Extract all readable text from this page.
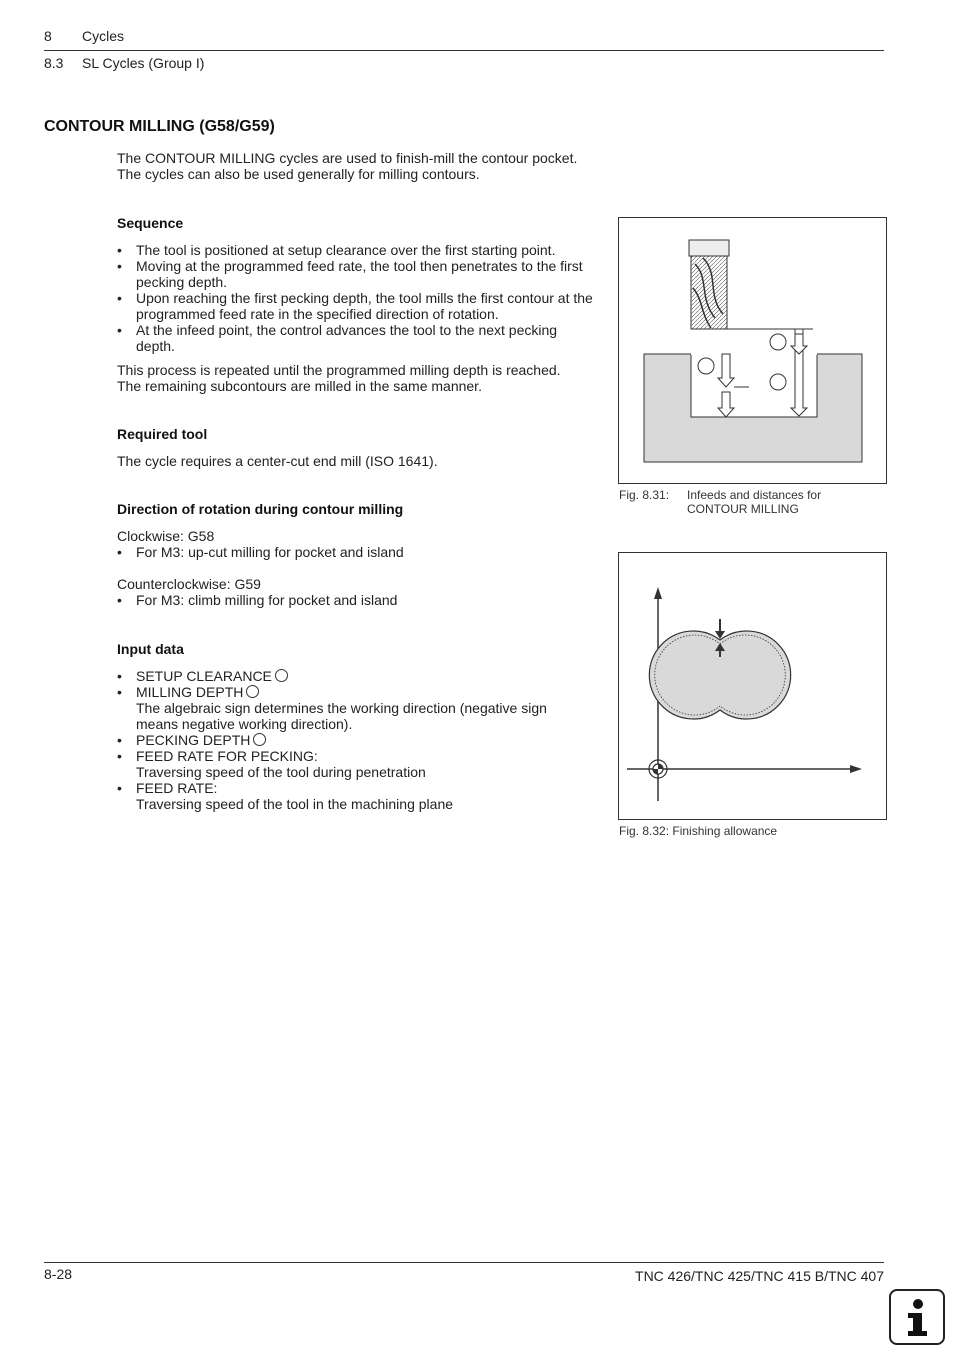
8 Cycles
8.3 SL Cycles (Group I)
CONTOUR MILLING (G58/G59)
The CONTOUR MILLING cycles are used to finish-mill the contour pocket.
The cycles can also be used generally for milling contours.
Sequence
• The tool is positioned at setup clearance over the first starting point.
• Moving at the programmed feed rate, the tool then penetrates to the first pecking depth.
• Upon reaching the first pecking depth, the tool mills the first contour at the programmed feed rate in the specified direction of rotation.
• At the infeed point, the control advances the tool to the next pecking depth.
This process is repeated until the programmed milling depth is reached.
The remaining subcontours are milled in the same manner.
Required tool
The cycle requires a center-cut end mill (ISO 1641).
Direction of rotation during contour milling
Clockwise: G58
• For M3: up-cut milling for pocket and island
Counterclockwise: G59
• For M3: climb milling for pocket and island
Input data
• SETUP CLEARANCE
• MILLING DEPTH
The algebraic sign determines the working direction (negative sign means negative working direction).
• PECKING DEPTH
• FEED RATE FOR PECKING:
Traversing speed of the tool during penetration
• FEED RATE:
Traversing speed of the tool in the machining plane
Fig. 8.31: Infeeds and distances for
CONTOUR MILLING
Fig. 8.32: Finishing allowance
8-28	TNC 426/TNC 425/TNC 415 B/TNC 407
